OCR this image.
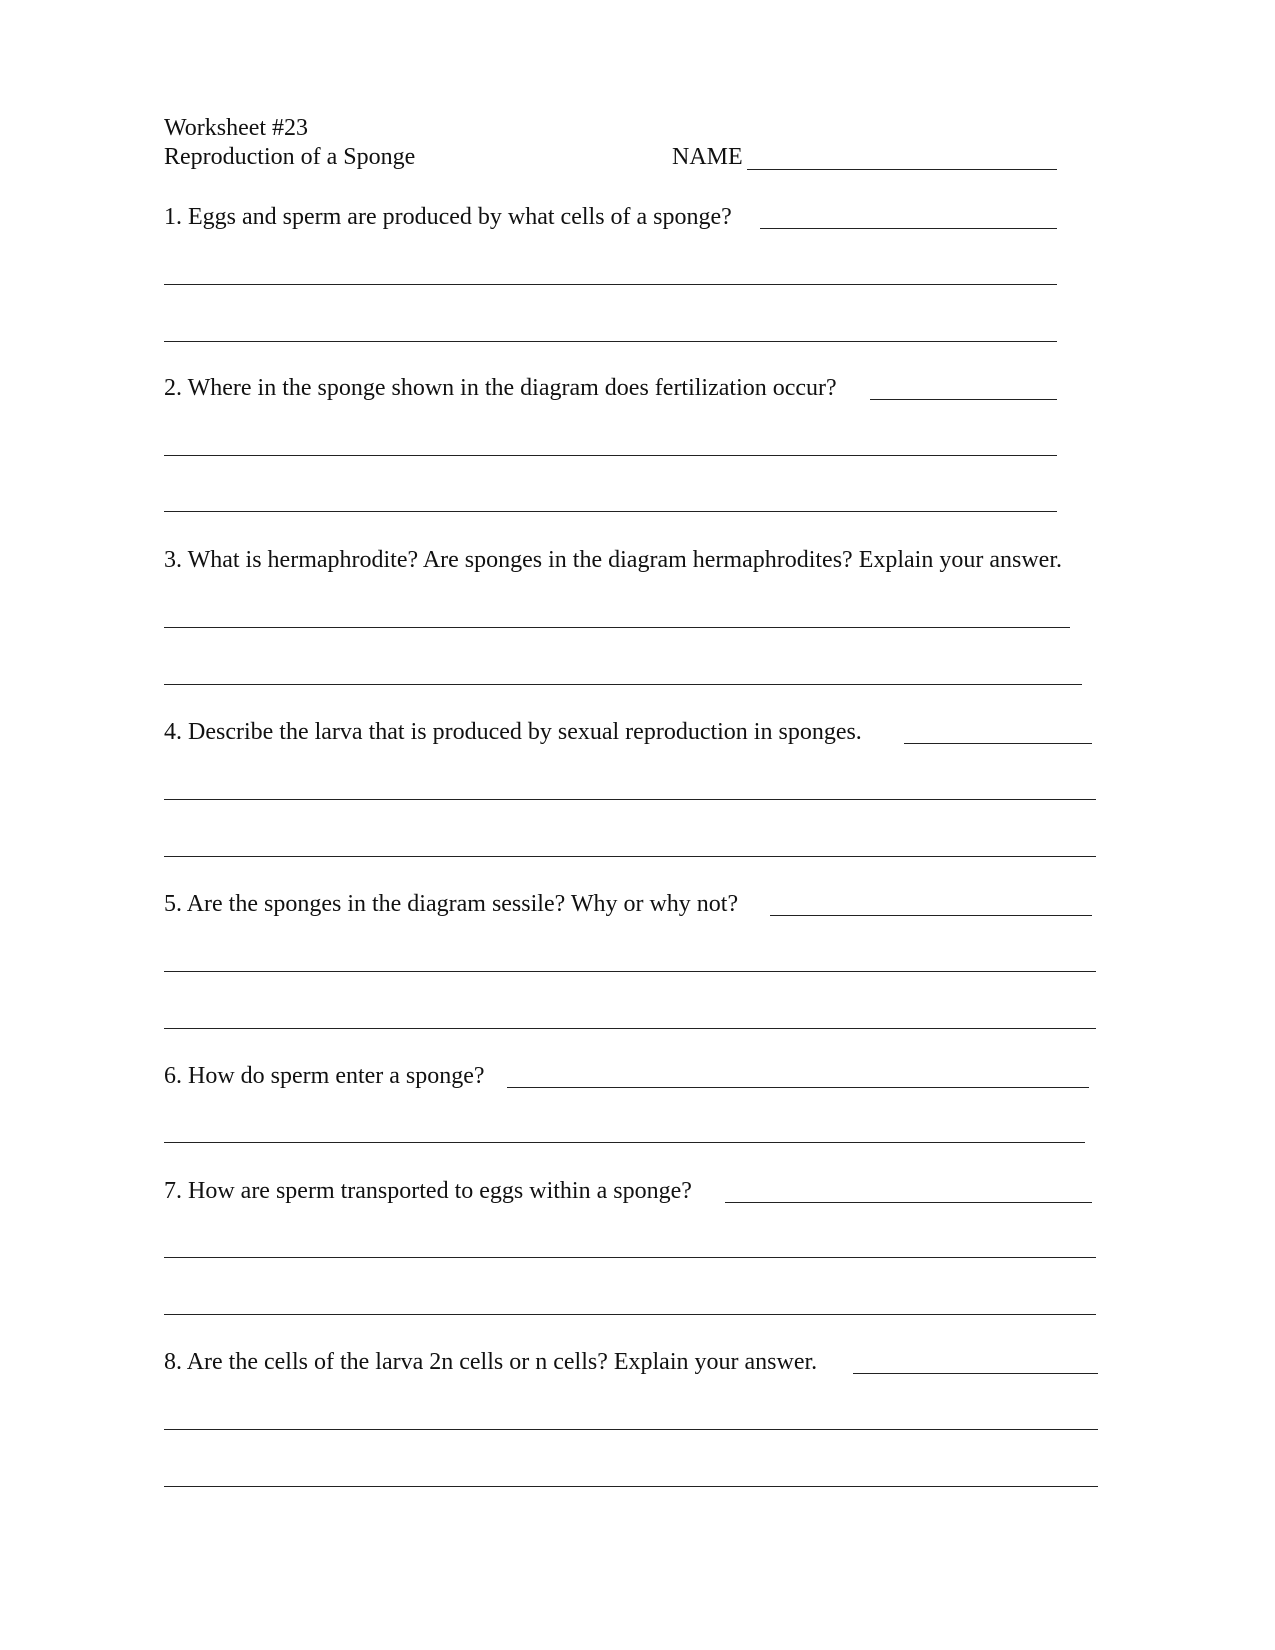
Worksheet #23
Reproduction of a Sponge	NAME
1. Eggs and sperm are produced by what cells of a sponge?
2. Where in the sponge shown in the diagram does fertilization occur?
3. What is hermaphrodite? Are sponges in the diagram hermaphrodites? Explain your answer.
4. Describe the larva that is produced by sexual reproduction in sponges.
5. Are the sponges in the diagram sessile? Why or why not?
6. How do sperm enter a sponge?
7. How are sperm transported to eggs within a sponge?
8. Are the cells of the larva 2n cells or n cells? Explain your answer.
